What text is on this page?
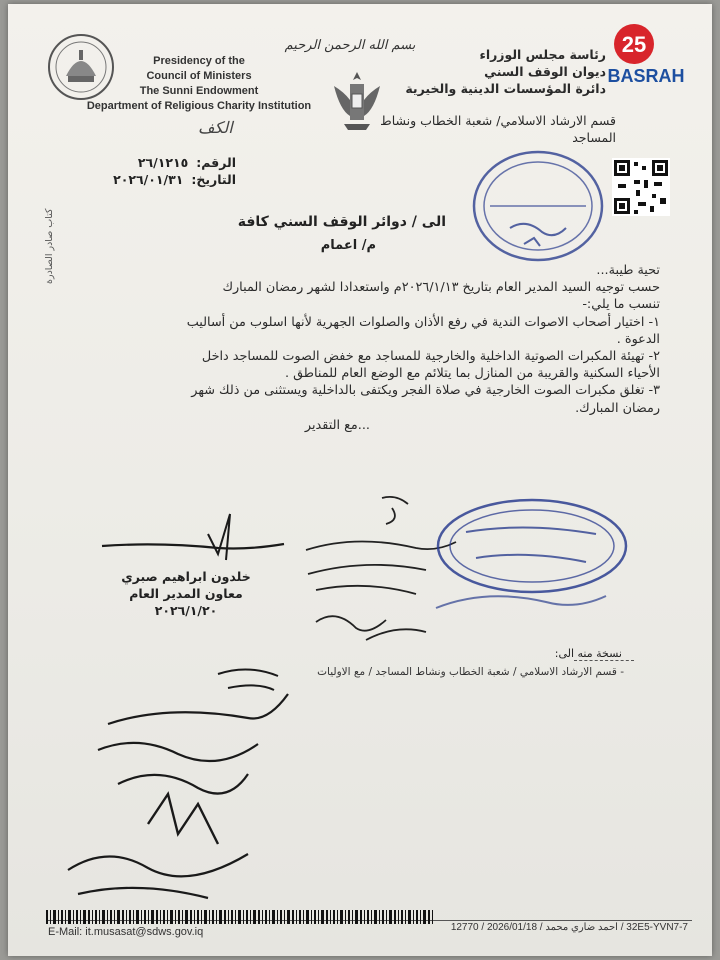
Presidency of the
Council of Ministers
The Sunni Endowment
Department of Religious Charity Institution
بسم الله الرحمن الرحيم
رئاسة مجلس الوزراء
ديوان الوقف السني
دائرة المؤسسات الدينية والخيرية
قسم الارشاد الاسلامي/ شعبة الخطاب ونشاط
المساجد
25
BASRAH
الكف
الرقم:٢٦/١٢١٥
التاريخ:٢٠٢٦/٠١/٣١
كتاب صادر الصادرة	الى / دوائر الوقف السني كافة
م/ اعمام

تحية طيبة...

حسب توجيه السيد المدير العام بتاريخ ٢٠٢٦/١/١٣م واستعدادا لشهر رمضان المبارك

تنسب ما يلي:-

١- اختيار أصحاب الاصوات الندية في رفع الأذان والصلوات الجهرية لأنها اسلوب من أساليب

الدعوة .

٢- تهيئة المكبرات الصوتية الداخلية والخارجية للمساجد مع خفض الصوت للمساجد داخل

الأحياء السكنية والقريبة من المنازل بما يتلائم مع الوضع العام للمناطق .

٣- تغلق مكبرات الصوت الخارجية في صلاة الفجر ويكتفى بالداخلية ويستثنى من ذلك شهر

رمضان المبارك.

...مع التقدير

خلدون ابراهيم صبري
معاون المدير العام
٢٠٢٦/١/٢٠
نسخة منه الى:
- قسم الارشاد الاسلامي / شعبة الخطاب ونشاط المساجد / مع الاوليات
E-Mail: it.musasat@sdws.gov.iq	32E5-YVN7-7 / احمد ضاري محمد / 2026/01/18 / 12770
